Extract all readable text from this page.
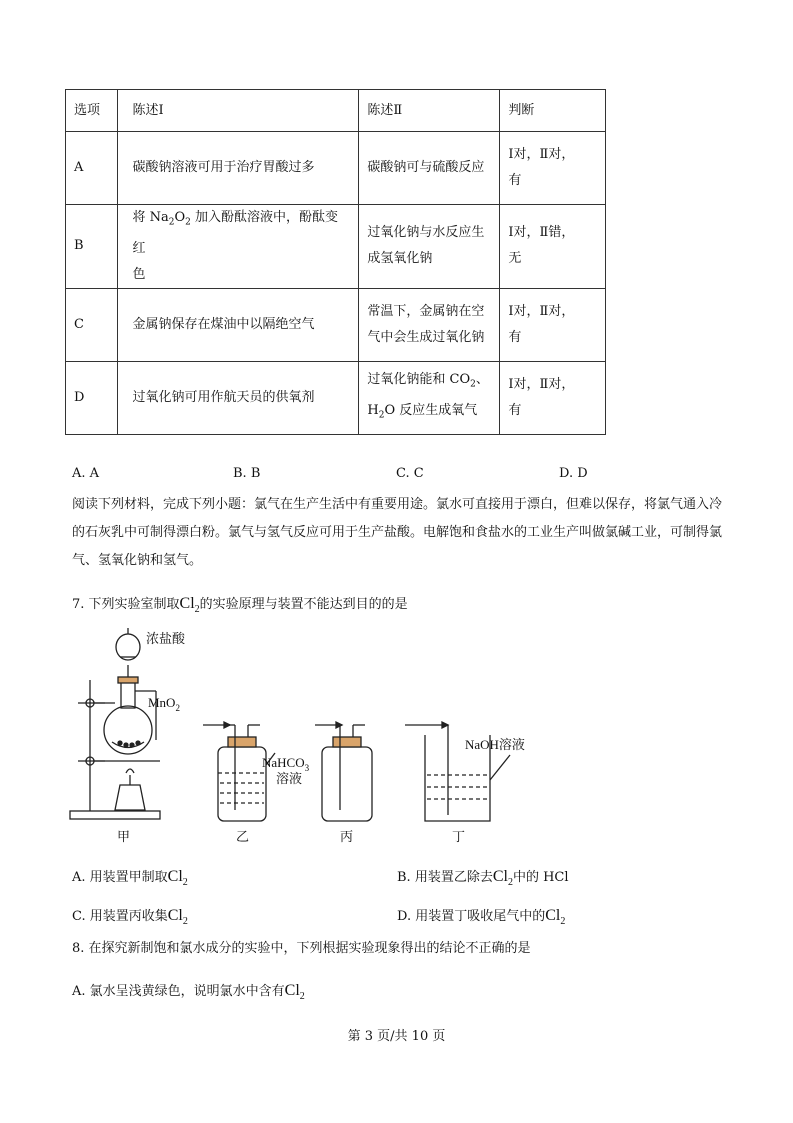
选项	陈述Ⅰ	陈述Ⅱ	判断
A	碳酸钠溶液可用于治疗胃酸过多	碳酸钠可与硫酸反应	Ⅰ对，Ⅱ对，
有
B	将 $Na_2O_2$ 加入酚酞溶液中，酚酞变红
色	过氧化钠与水反应生
成氢氧化钠	Ⅰ对，Ⅱ错，
无
C	金属钠保存在煤油中以隔绝空气	常温下，金属钠在空
气中会生成过氧化钠	Ⅰ对，Ⅱ对，
有
D	过氧化钠可用作航天员的供氧剂	过氧化钠能和 $CO_2$、
$H_2O$ 反应生成氧气	Ⅰ对，Ⅱ对，
有
A. A	B. B	C. C	D. D
阅读下列材料，完成下列小题：氯气在生产生活中有重要用途。氯水可直接用于漂白，但难以保存，将氯气通入冷的石灰乳中可制得漂白粉。氯气与氢气反应可用于生产盐酸。电解饱和食盐水的工业生产叫做氯碱工业，可制得氯气、氢氧化钠和氢气。
7. 下列实验室制取$Cl_2$的实验原理与装置不能达到目的的是
浓盐酸
MnO$_2$
NaHCO$_3$
溶液
NaOH溶液
甲	乙	丙	丁
A. 用装置甲制取$Cl_2$	B. 用装置乙除去$Cl_2$中的 HCl
C. 用装置丙收集$Cl_2$	D. 用装置丁吸收尾气中的$Cl_2$
8. 在探究新制饱和氯水成分的实验中，下列根据实验现象得出的结论不正确的是
A. 氯水呈浅黄绿色，说明氯水中含有$Cl_2$
第 3 页/共 10 页
